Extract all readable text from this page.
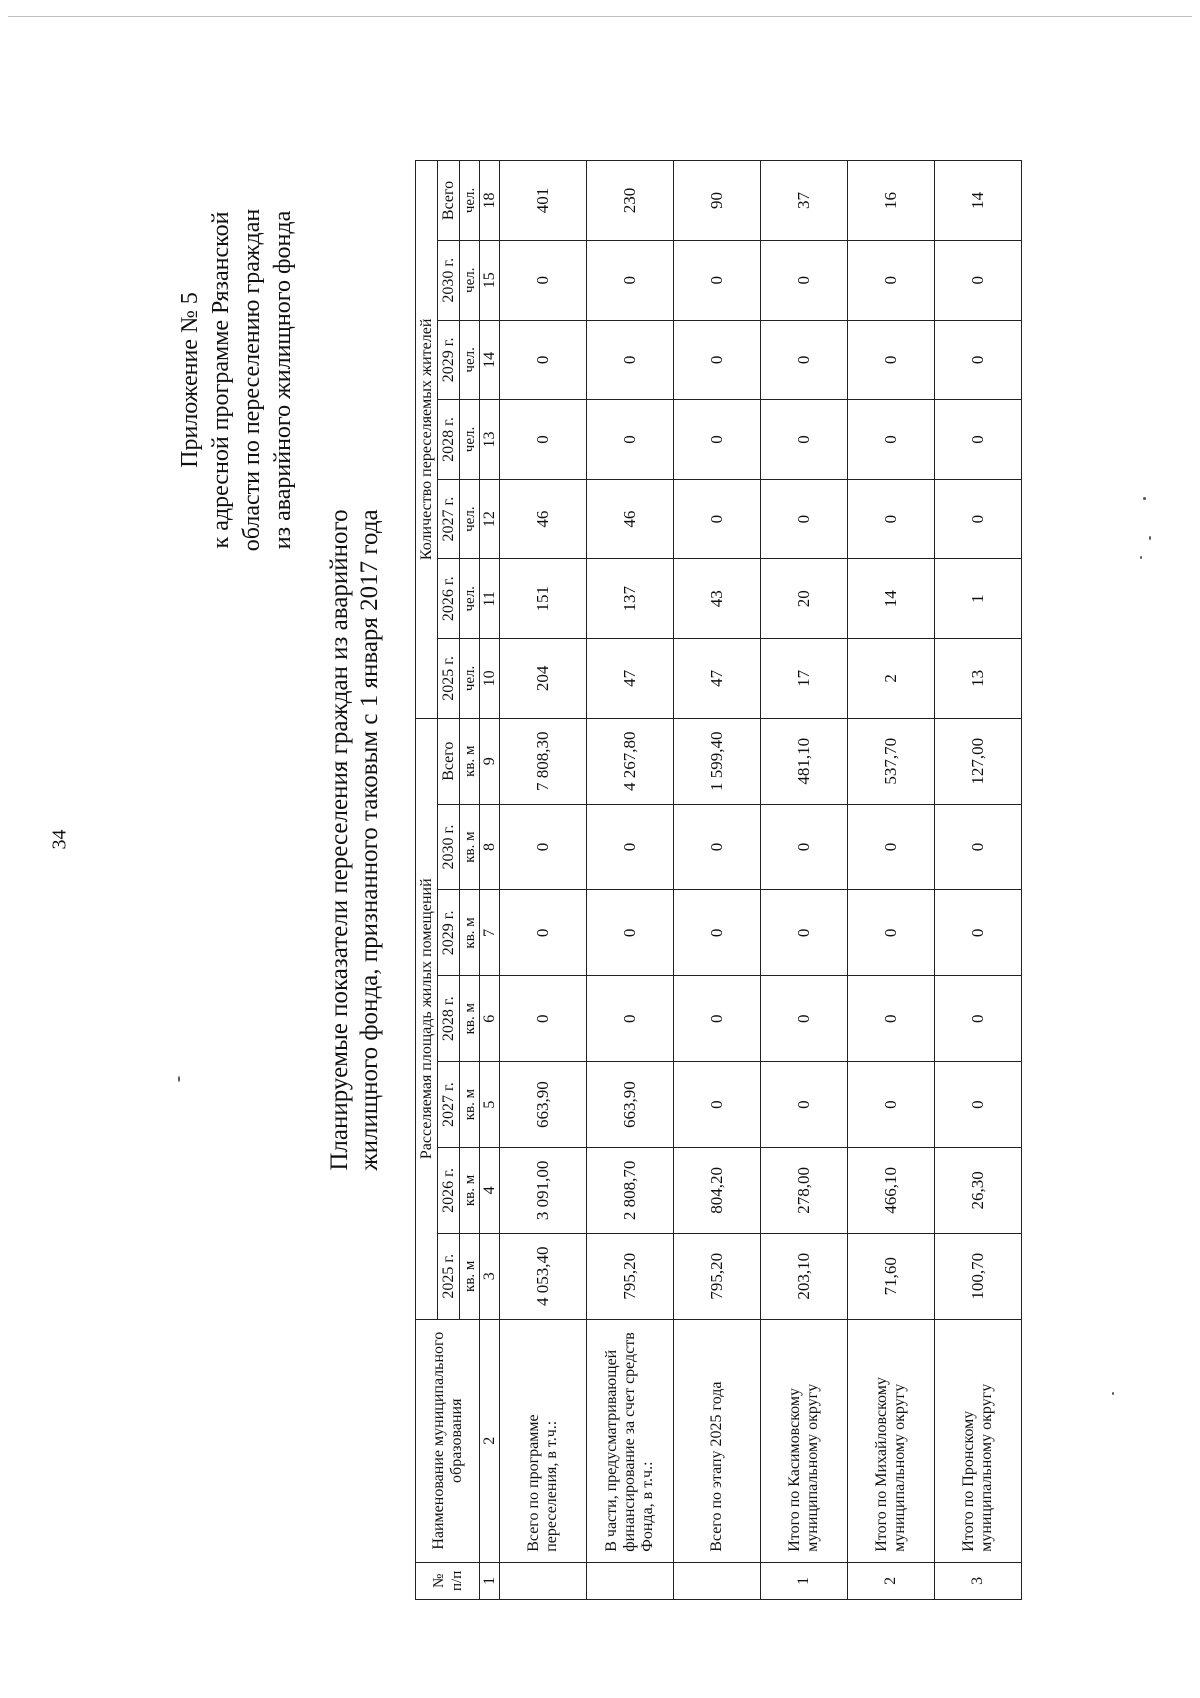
34
Приложение № 5 к адресной программе Рязанской области по переселению граждан из аварийного жилищного фонда
Планируемые показатели переселения граждан из аварийного жилищного фонда, признанного таковым с 1 января 2017 года
№ п/п	Наименование муниципального образования	Расселяемая площадь жилых помещений							Количество переселяемых жителей						
		2025 г.	2026 г.	2027 г.	2028 г.	2029 г.	2030 г.	Всего	2025 г.	2026 г.	2027 г.	2028 г.	2029 г.	2030 г.	Всего
		кв. м	кв. м	кв. м	кв. м	кв. м	кв. м	кв. м	чел.	чел.	чел.	чел.	чел.	чел.	чел.
1	2	3	4	5	6	7	8	9	10	11	12	13	14	15	18
	Всего по программе переселения, в т.ч.:	4 053,40	3 091,00	663,90	0	0	0	7 808,30	204	151	46	0	0	0	401
	В части, предусматривающей финансирование за счет средств Фонда, в т.ч.:	795,20	2 808,70	663,90	0	0	0	4 267,80	47	137	46	0	0	0	230
	Всего по этапу 2025 года	795,20	804,20	0	0	0	0	1 599,40	47	43	0	0	0	0	90
1	Итого по Касимовскому муниципальному округу	203,10	278,00	0	0	0	0	481,10	17	20	0	0	0	0	37
2	Итого по Михайловскому муниципальному округу	71,60	466,10	0	0	0	0	537,70	2	14	0	0	0	0	16
3	Итого по Пронскому муниципальному округу	100,70	26,30	0	0	0	0	127,00	13	1	0	0	0	0	14
